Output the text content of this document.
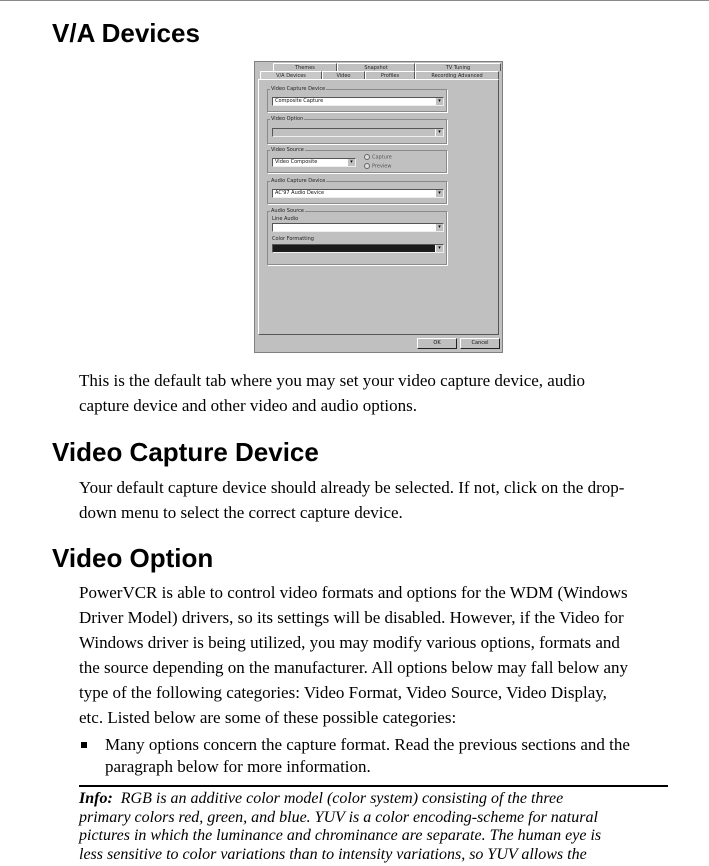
V/A Devices
Themes	Snapshot	TV Tuning
V/A Devices	Video	Profiles	Recording Advanced
Video Capture Device
Composite Capture	▾
Video Option
▾
Video Source
Video Composite	▾
Capture
Preview
Audio Capture Device
AC'97 Audio Device	▾
Audio Source
Line Audio
▾
Color Formatting
▾
OK	Cancel

This is the default tab where you may set your video capture device, audio
capture device and other video and audio options.

Video Capture Device

Your default capture device should already be selected. If not, click on the drop-
down menu to select the correct capture device.

Video Option

PowerVCR is able to control video formats and options for the WDM (Windows
Driver Model) drivers, so its settings will be disabled. However, if the Video for
Windows driver is being utilized, you may modify various options, formats and
the source depending on the manufacturer. All options below may fall below any
type of the following categories: Video Format, Video Source, Video Display,
etc. Listed below are some of these possible categories:

Many options concern the capture format. Read the previous sections and the
paragraph below for more information.
Info: RGB is an additive color model (color system) consisting of the three
primary colors red, green, and blue. YUV is a color encoding-scheme for natural
pictures in which the luminance and chrominance are separate. The human eye is
less sensitive to color variations than to intensity variations, so YUV allows the
